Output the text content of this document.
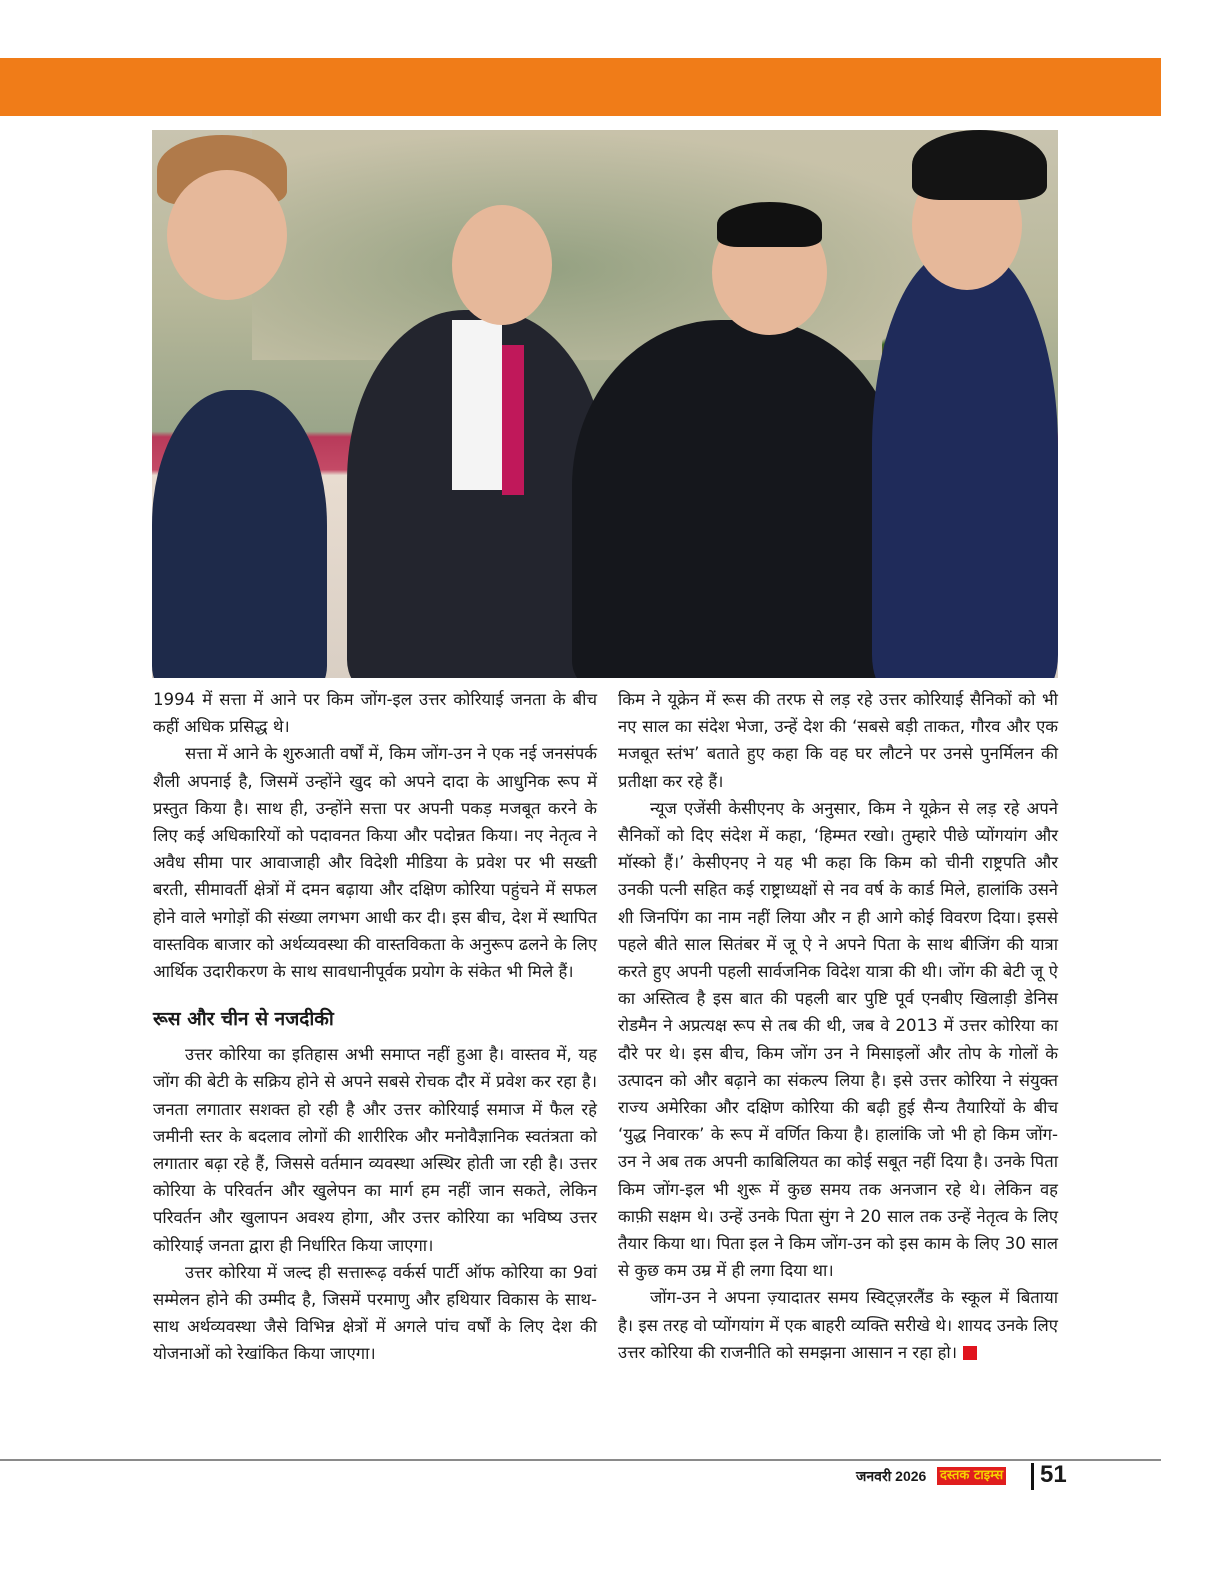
1994 में सत्ता में आने पर किम जोंग-इल उत्तर कोरियाई जनता के बीच कहीं अधिक प्रसिद्ध थे।

सत्ता में आने के शुरुआती वर्षों में, किम जोंग-उन ने एक नई जनसंपर्क शैली अपनाई है, जिसमें उन्होंने खुद को अपने दादा के आधुनिक रूप में प्रस्तुत किया है। साथ ही, उन्होंने सत्ता पर अपनी पकड़ मजबूत करने के लिए कई अधिकारियों को पदावनत किया और पदोन्नत किया। नए नेतृत्व ने अवैध सीमा पार आवाजाही और विदेशी मीडिया के प्रवेश पर भी सख्ती बरती, सीमावर्ती क्षेत्रों में दमन बढ़ाया और दक्षिण कोरिया पहुंचने में सफल होने वाले भगोड़ों की संख्या लगभग आधी कर दी। इस बीच, देश में स्थापित वास्तविक बाजार को अर्थव्यवस्था की वास्तविकता के अनुरूप ढलने के लिए आर्थिक उदारीकरण के साथ सावधानीपूर्वक प्रयोग के संकेत भी मिले हैं।

रूस और चीन से नजदीकी

उत्तर कोरिया का इतिहास अभी समाप्त नहीं हुआ है। वास्तव में, यह जोंग की बेटी के सक्रिय होने से अपने सबसे रोचक दौर में प्रवेश कर रहा है। जनता लगातार सशक्त हो रही है और उत्तर कोरियाई समाज में फैल रहे जमीनी स्तर के बदलाव लोगों की शारीरिक और मनोवैज्ञानिक स्वतंत्रता को लगातार बढ़ा रहे हैं, जिससे वर्तमान व्यवस्था अस्थिर होती जा रही है। उत्तर कोरिया के परिवर्तन और खुलेपन का मार्ग हम नहीं जान सकते, लेकिन परिवर्तन और खुलापन अवश्य होगा, और उत्तर कोरिया का भविष्य उत्तर कोरियाई जनता द्वारा ही निर्धारित किया जाएगा।

उत्तर कोरिया में जल्द ही सत्तारूढ़ वर्कर्स पार्टी ऑफ कोरिया का 9वां सम्मेलन होने की उम्मीद है, जिसमें परमाणु और हथियार विकास के साथ-साथ अर्थव्यवस्था जैसे विभिन्न क्षेत्रों में अगले पांच वर्षों के लिए देश की योजनाओं को रेखांकित किया जाएगा।

किम ने यूक्रेन में रूस की तरफ से लड़ रहे उत्तर कोरियाई सैनिकों को भी नए साल का संदेश भेजा, उन्हें देश की ‘सबसे बड़ी ताकत, गौरव और एक मजबूत स्तंभ’ बताते हुए कहा कि वह घर लौटने पर उनसे पुनर्मिलन की प्रतीक्षा कर रहे हैं।

न्यूज एजेंसी केसीएनए के अनुसार, किम ने यूक्रेन से लड़ रहे अपने सैनिकों को दिए संदेश में कहा, ‘हिम्मत रखो। तुम्हारे पीछे प्योंगयांग और मॉस्को हैं।’ केसीएनए ने यह भी कहा कि किम को चीनी राष्ट्रपति और उनकी पत्नी सहित कई राष्ट्राध्यक्षों से नव वर्ष के कार्ड मिले, हालांकि उसने शी जिनपिंग का नाम नहीं लिया और न ही आगे कोई विवरण दिया। इससे पहले बीते साल सितंबर में जू ऐ ने अपने पिता के साथ बीजिंग की यात्रा करते हुए अपनी पहली सार्वजनिक विदेश यात्रा की थी। जोंग की बेटी जू ऐ का अस्तित्व है इस बात की पहली बार पुष्टि पूर्व एनबीए खिलाड़ी डेनिस रोडमैन ने अप्रत्यक्ष रूप से तब की थी, जब वे 2013 में उत्तर कोरिया का दौरे पर थे। इस बीच, किम जोंग उन ने मिसाइलों और तोप के गोलों के उत्पादन को और बढ़ाने का संकल्प लिया है। इसे उत्तर कोरिया ने संयुक्त राज्य अमेरिका और दक्षिण कोरिया की बढ़ी हुई सैन्य तैयारियों के बीच ‘युद्ध निवारक’ के रूप में वर्णित किया है। हालांकि जो भी हो किम जोंग-उन ने अब तक अपनी काबिलियत का कोई सबूत नहीं दिया है। उनके पिता किम जोंग-इल भी शुरू में कुछ समय तक अनजान रहे थे। लेकिन वह काफ़ी सक्षम थे। उन्हें उनके पिता सुंग ने 20 साल तक उन्हें नेतृत्व के लिए तैयार किया था। पिता इल ने किम जोंग-उन को इस काम के लिए 30 साल से कुछ कम उम्र में ही लगा दिया था।

जोंग-उन ने अपना ज़्यादातर समय स्विट्ज़रलैंड के स्कूल में बिताया है। इस तरह वो प्योंगयांग में एक बाहरी व्यक्ति सरीखे थे। शायद उनके लिए उत्तर कोरिया की राजनीति को समझना आसान न रहा हो।

जनवरी 2026 दस्तक टाइम्स 51
